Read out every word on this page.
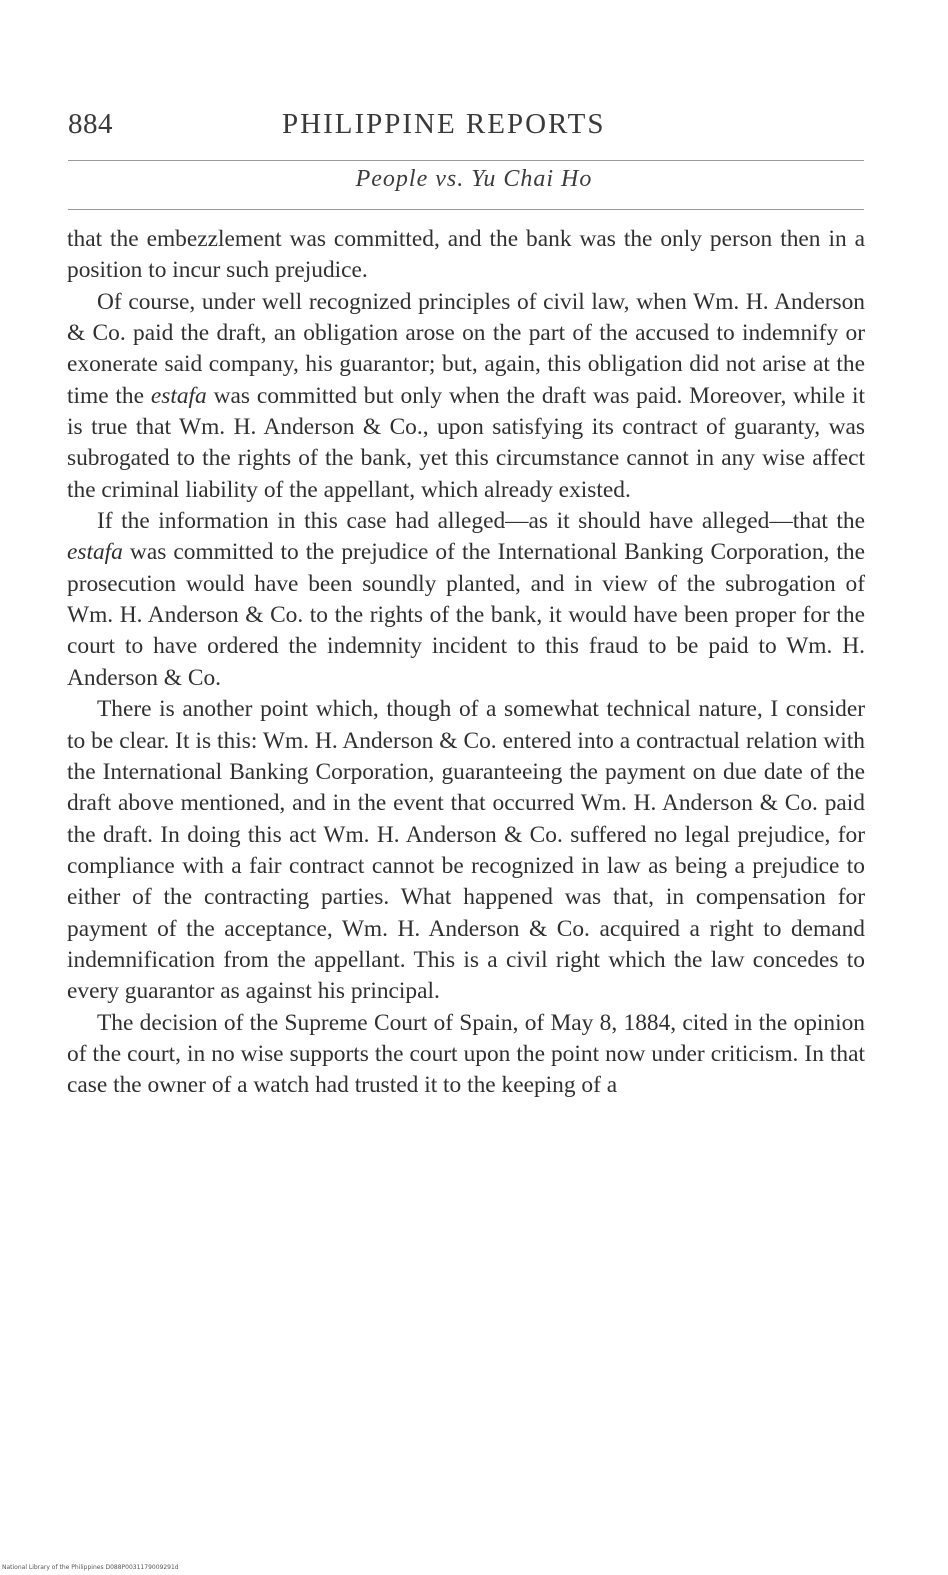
884	PHILIPPINE REPORTS
People vs. Yu Chai Ho

that the embezzlement was committed, and the bank was the only person then in a position to incur such prejudice.

Of course, under well recognized principles of civil law, when Wm. H. Anderson & Co. paid the draft, an obligation arose on the part of the accused to indemnify or exonerate said company, his guarantor; but, again, this obligation did not arise at the time the estafa was committed but only when the draft was paid. Moreover, while it is true that Wm. H. Anderson & Co., upon satisfying its contract of guaranty, was subrogated to the rights of the bank, yet this circumstance cannot in any wise affect the criminal liability of the appellant, which already existed.

If the information in this case had alleged—as it should have alleged—that the estafa was committed to the prejudice of the International Banking Corporation, the prosecution would have been soundly planted, and in view of the subrogation of Wm. H. Anderson & Co. to the rights of the bank, it would have been proper for the court to have ordered the indemnity incident to this fraud to be paid to Wm. H. Anderson & Co.

There is another point which, though of a somewhat technical nature, I consider to be clear. It is this: Wm. H. Anderson & Co. entered into a contractual relation with the International Banking Corporation, guaranteeing the payment on due date of the draft above mentioned, and in the event that occurred Wm. H. Anderson & Co. paid the draft. In doing this act Wm. H. Anderson & Co. suffered no legal prejudice, for compliance with a fair contract cannot be recognized in law as being a prejudice to either of the contracting parties. What happened was that, in compensation for payment of the acceptance, Wm. H. Anderson & Co. acquired a right to demand indemnification from the appellant. This is a civil right which the law concedes to every guarantor as against his principal.

The decision of the Supreme Court of Spain, of May 8, 1884, cited in the opinion of the court, in no wise supports the court upon the point now under criticism. In that case the owner of a watch had trusted it to the keeping of a

National Library of the Philippines D088P0031179009291d
